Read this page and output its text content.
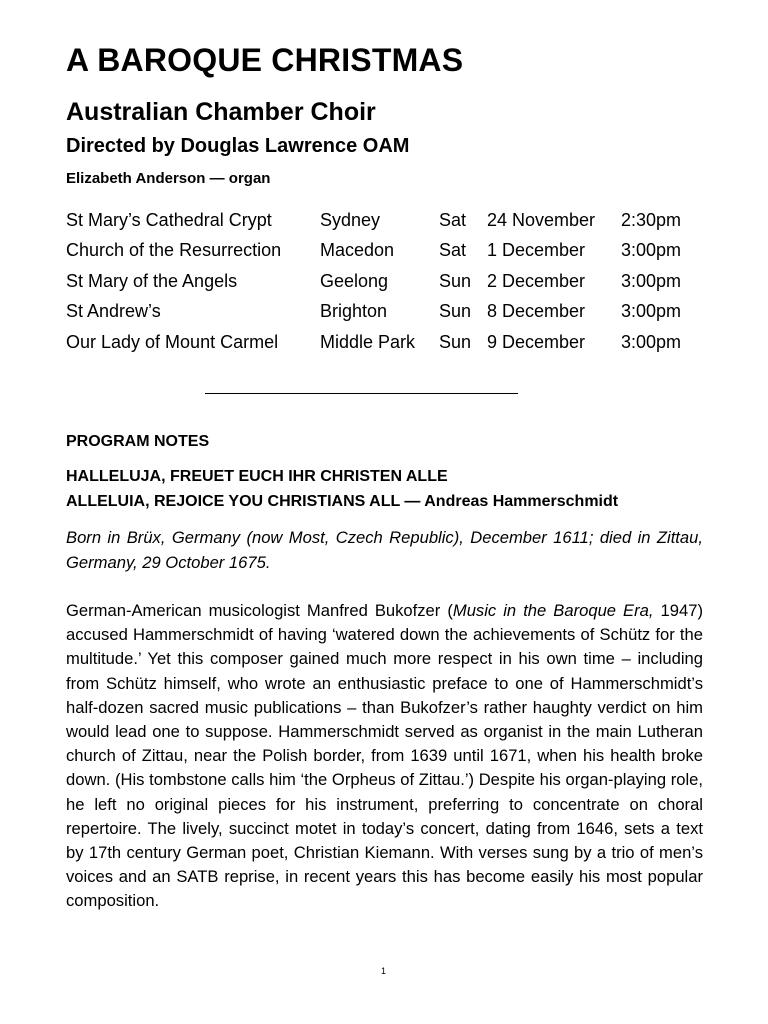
A BAROQUE CHRISTMAS
Australian Chamber Choir
Directed by Douglas Lawrence OAM
Elizabeth Anderson — organ
St Mary’s Cathedral Crypt	Sydney	Sat	24 November	2:30pm
Church of the Resurrection	Macedon	Sat	1 December	3:00pm
St Mary of the Angels	Geelong	Sun	2 December	3:00pm
St Andrew’s	Brighton	Sun	8 December	3:00pm
Our Lady of Mount Carmel	Middle Park	Sun	9 December	3:00pm
PROGRAM NOTES
HALLELUJA, FREUET EUCH IHR CHRISTEN ALLE
ALLELUIA, REJOICE YOU CHRISTIANS ALL — Andreas Hammerschmidt

Born in Brüx, Germany (now Most, Czech Republic), December 1611; died in Zittau, Germany, 29 October 1675.

German-American musicologist Manfred Bukofzer (Music in the Baroque Era, 1947) accused Hammerschmidt of having ‘watered down the achievements of Schütz for the multitude.’ Yet this composer gained much more respect in his own time – including from Schütz himself, who wrote an enthusiastic preface to one of Hammerschmidt’s half-dozen sacred music publications – than Bukofzer’s rather haughty verdict on him would lead one to suppose. Hammerschmidt served as organist in the main Lutheran church of Zittau, near the Polish border, from 1639 until 1671, when his health broke down. (His tombstone calls him ‘the Orpheus of Zittau.’) Despite his organ-playing role, he left no original pieces for his instrument, preferring to concentrate on choral repertoire. The lively, succinct motet in today’s concert, dating from 1646, sets a text by 17th century German poet, Christian Kiemann. With verses sung by a trio of men’s voices and an SATB reprise, in recent years this has become easily his most popular composition.

1
